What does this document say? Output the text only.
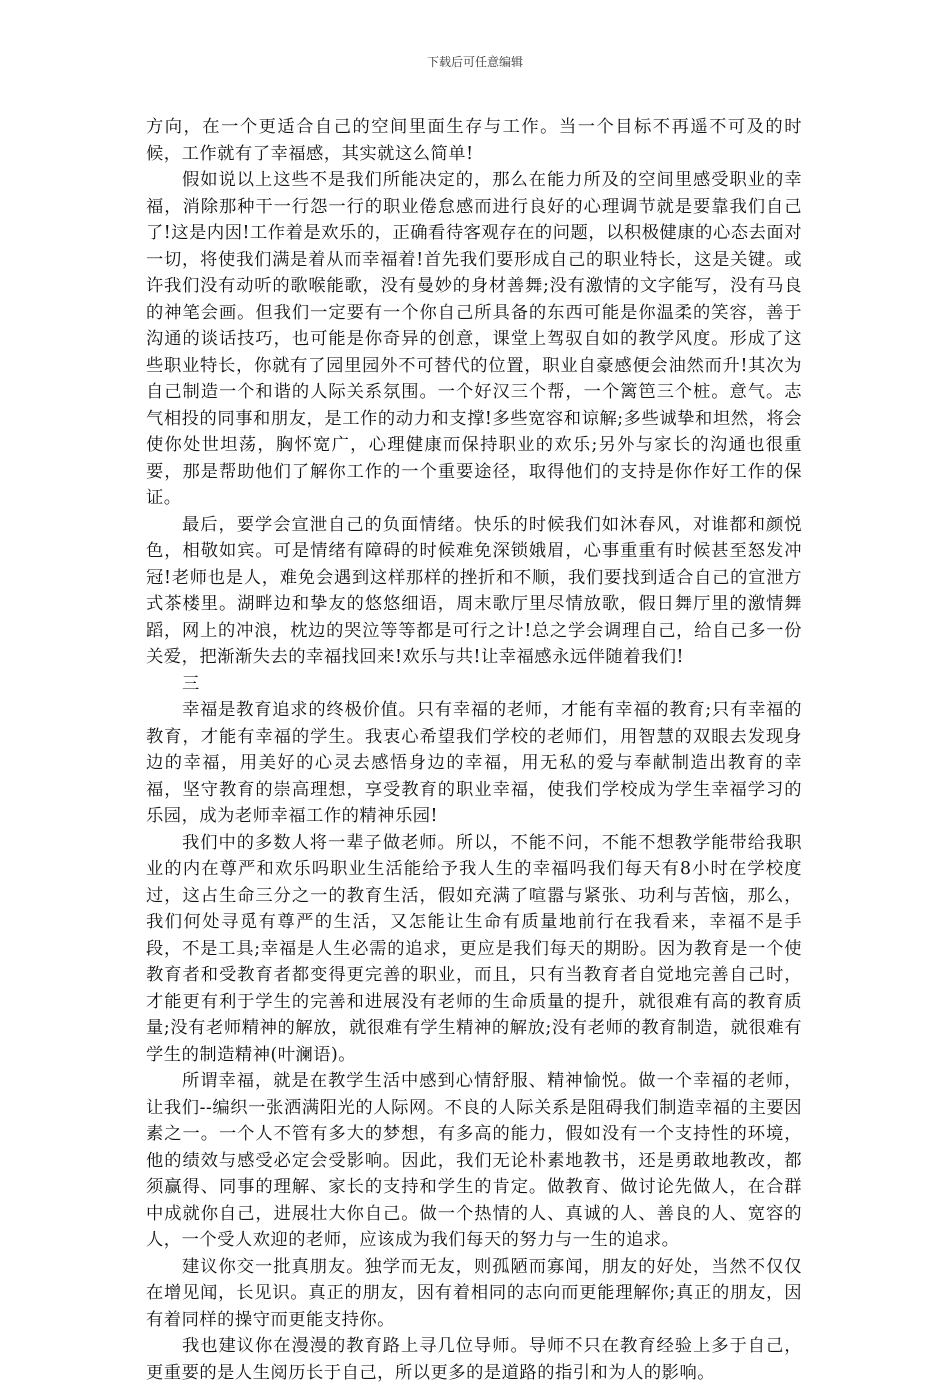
下载后可任意编辑

方向，在一个更适合自己的空间里面生存与工作。当一个目标不再遥不可及的时候，工作就有了幸福感，其实就这么简单!

假如说以上这些不是我们所能决定的，那么在能力所及的空间里感受职业的幸福，消除那种干一行怨一行的职业倦怠感而进行良好的心理调节就是要靠我们自己了!这是内因!工作着是欢乐的，正确看待客观存在的问题，以积极健康的心态去面对一切，将使我们满是着从而幸福着!首先我们要形成自己的职业特长，这是关键。或许我们没有动听的歌喉能歌，没有曼妙的身材善舞;没有激情的文字能写，没有马良的神笔会画。但我们一定要有一个你自己所具备的东西可能是你温柔的笑容，善于沟通的谈话技巧，也可能是你奇异的创意，课堂上驾驭自如的教学风度。形成了这些职业特长，你就有了园里园外不可替代的位置，职业自豪感便会油然而升!其次为自己制造一个和谐的人际关系氛围。一个好汉三个帮，一个篱笆三个桩。意气。志气相投的同事和朋友，是工作的动力和支撑!多些宽容和谅解;多些诚挚和坦然，将会使你处世坦荡，胸怀宽广，心理健康而保持职业的欢乐;另外与家长的沟通也很重要，那是帮助他们了解你工作的一个重要途径，取得他们的支持是你作好工作的保证。

最后，要学会宣泄自己的负面情绪。快乐的时候我们如沐春风，对谁都和颜悦色，相敬如宾。可是情绪有障碍的时候难免深锁娥眉，心事重重有时候甚至怒发冲冠!老师也是人，难免会遇到这样那样的挫折和不顺，我们要找到适合自己的宣泄方式茶楼里。湖畔边和挚友的悠悠细语，周末歌厅里尽情放歌，假日舞厅里的激情舞蹈，网上的冲浪，枕边的哭泣等等都是可行之计!总之学会调理自己，给自己多一份关爱，把渐渐失去的幸福找回来!欢乐与共!让幸福感永远伴随着我们!

三

幸福是教育追求的终极价值。只有幸福的老师，才能有幸福的教育;只有幸福的教育，才能有幸福的学生。我衷心希望我们学校的老师们，用智慧的双眼去发现身边的幸福，用美好的心灵去感悟身边的幸福，用无私的爱与奉献制造出教育的幸福，坚守教育的崇高理想，享受教育的职业幸福，使我们学校成为学生幸福学习的乐园，成为老师幸福工作的精神乐园!

我们中的多数人将一辈子做老师。所以，不能不问，不能不想教学能带给我职业的内在尊严和欢乐吗职业生活能给予我人生的幸福吗我们每天有8小时在学校度过，这占生命三分之一的教育生活，假如充满了喧嚣与紧张、功利与苦恼，那么，我们何处寻觅有尊严的生活，又怎能让生命有质量地前行在我看来，幸福不是手段，不是工具;幸福是人生必需的追求，更应是我们每天的期盼。因为教育是一个使教育者和受教育者都变得更完善的职业，而且，只有当教育者自觉地完善自己时，才能更有利于学生的完善和进展没有老师的生命质量的提升，就很难有高的教育质量;没有老师精神的解放，就很难有学生精神的解放;没有老师的教育制造，就很难有学生的制造精神(叶澜语)。

所谓幸福，就是在教学生活中感到心情舒服、精神愉悦。做一个幸福的老师，让我们--编织一张洒满阳光的人际网。不良的人际关系是阻碍我们制造幸福的主要因素之一。一个人不管有多大的梦想，有多高的能力，假如没有一个支持性的环境，他的绩效与感受必定会受影响。因此，我们无论朴素地教书，还是勇敢地教改，都须赢得、同事的理解、家长的支持和学生的肯定。做教育、做讨论先做人，在合群中成就你自己，进展壮大你自己。做一个热情的人、真诚的人、善良的人、宽容的人，一个受人欢迎的老师，应该成为我们每天的努力与一生的追求。

建议你交一批真朋友。独学而无友，则孤陋而寡闻，朋友的好处，当然不仅仅在增见闻，长见识。真正的朋友，因有着相同的志向而更能理解你;真正的朋友，因有着同样的操守而更能支持你。

我也建议你在漫漫的教育路上寻几位导师。导师不只在教育经验上多于自己，更重要的是人生阅历长于自己，所以更多的是道路的指引和为人的影响。
